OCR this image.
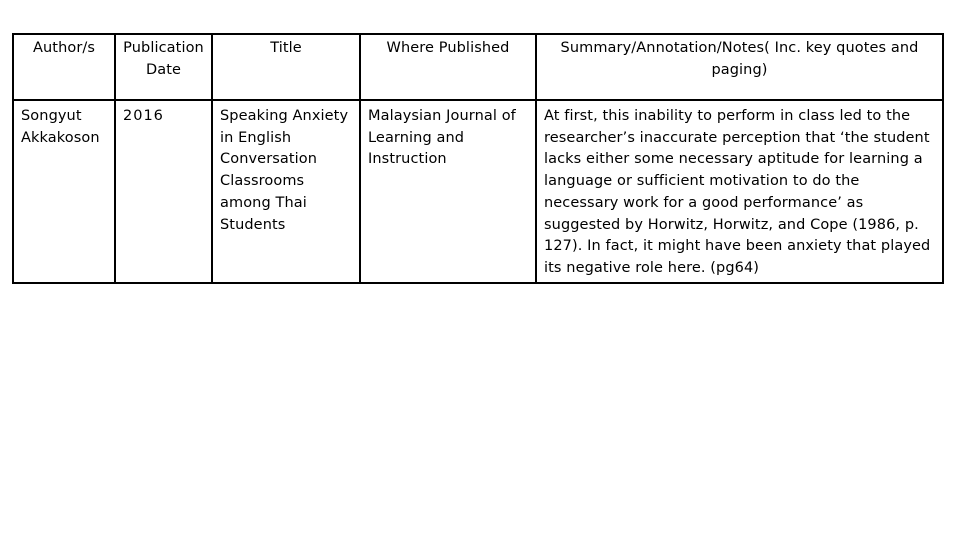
Author/s	Publication Date	Title	Where Published	Summary/Annotation/Notes( Inc. key quotes and paging)
Songyut Akkakoson	2016	Speaking Anxiety in English Conversation Classrooms among Thai Students	Malaysian Journal of Learning and Instruction	At first, this inability to perform in class led to the researcher’s inaccurate perception that ‘the student lacks either some necessary aptitude for learning a language or sufficient motivation to do the necessary work for a good performance’ as suggested by Horwitz, Horwitz, and Cope (1986, p. 127). In fact, it might have been anxiety that played its negative role here. (pg64)
